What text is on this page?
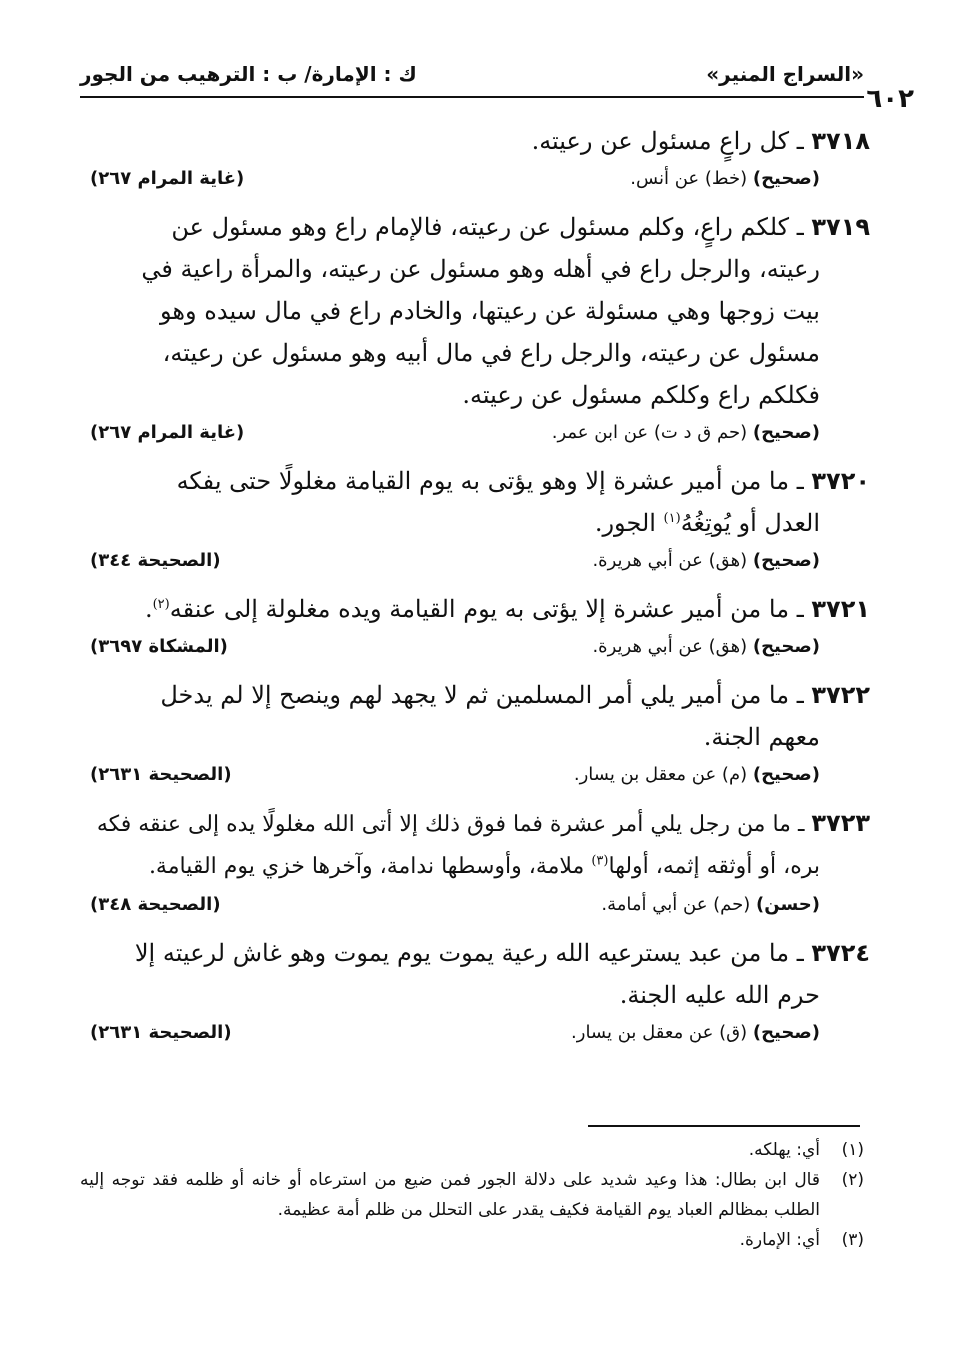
«السراج المنير»
ك : الإمارة/ ب : الترهيب من الجور
٦٠٢

٣٧١٨ ـ كل راعٍ مسئول عن رعيته.

(صحيح) (خط) عن أنس.
(غاية المرام ٢٦٧)

٣٧١٩ ـ كلكم راعٍ، وكلم مسئول عن رعيته، فالإمام راع وهو مسئول عن
رعيته، والرجل راع في أهله وهو مسئول عن رعيته، والمرأة راعية في
بيت زوجها وهي مسئولة عن رعيتها، والخادم راع في مال سيده وهو
مسئول عن رعيته، والرجل راع في مال أبيه وهو مسئول عن رعيته،
فكلكم راع وكلكم مسئول عن رعيته.

(صحيح) (حم ق د ت) عن ابن عمر.
(غاية المرام ٢٦٧)

٣٧٢٠ ـ ما من أمير عشرة إلا وهو يؤتى به يوم القيامة مغلولًا حتى يفكه
العدل أو يُوتِغُهُ$^{(١)}$ الجور.

(صحيح) (هق) عن أبي هريرة.
(الصحيحة ٣٤٤)

٣٧٢١ ـ ما من أمير عشرة إلا يؤتى به يوم القيامة ويده مغلولة إلى عنقه$^{(٢)}$.

(صحيح) (هق) عن أبي هريرة.
(المشكاة ٣٦٩٧)

٣٧٢٢ ـ ما من أمير يلي أمر المسلمين ثم لا يجهد لهم وينصح إلا لم يدخل
معهم الجنة.

(صحيح) (م) عن معقل بن يسار.
(الصحيحة ٢٦٣١)

٣٧٢٣ ـ ما من رجل يلي أمر عشرة فما فوق ذلك إلا أتى الله مغلولًا يده إلى عنقه فكه
بره، أو أوثقه إثمه، أولها$^{(٣)}$ ملامة، وأوسطها ندامة، وآخرها خزي يوم القيامة.

(حسن) (حم) عن أبي أمامة.
(الصحيحة ٣٤٨)

٣٧٢٤ ـ ما من عبد يسترعيه الله رعية يموت يوم يموت وهو غاش لرعيته إلا
حرم الله عليه الجنة.

(صحيح) (ق) عن معقل بن يسار.
(الصحيحة ٢٦٣١)
(١)
أي: يهلكه.
(٢)
قال ابن بطال: هذا وعيد شديد على دلالة الجور فمن ضيع من استرعاه أو خانه أو ظلمه فقد توجه إليه الطلب بمظالم العباد يوم القيامة فكيف يقدر على التحلل من ظلم أمة عظيمة.
(٣)
أي: الإمارة.
